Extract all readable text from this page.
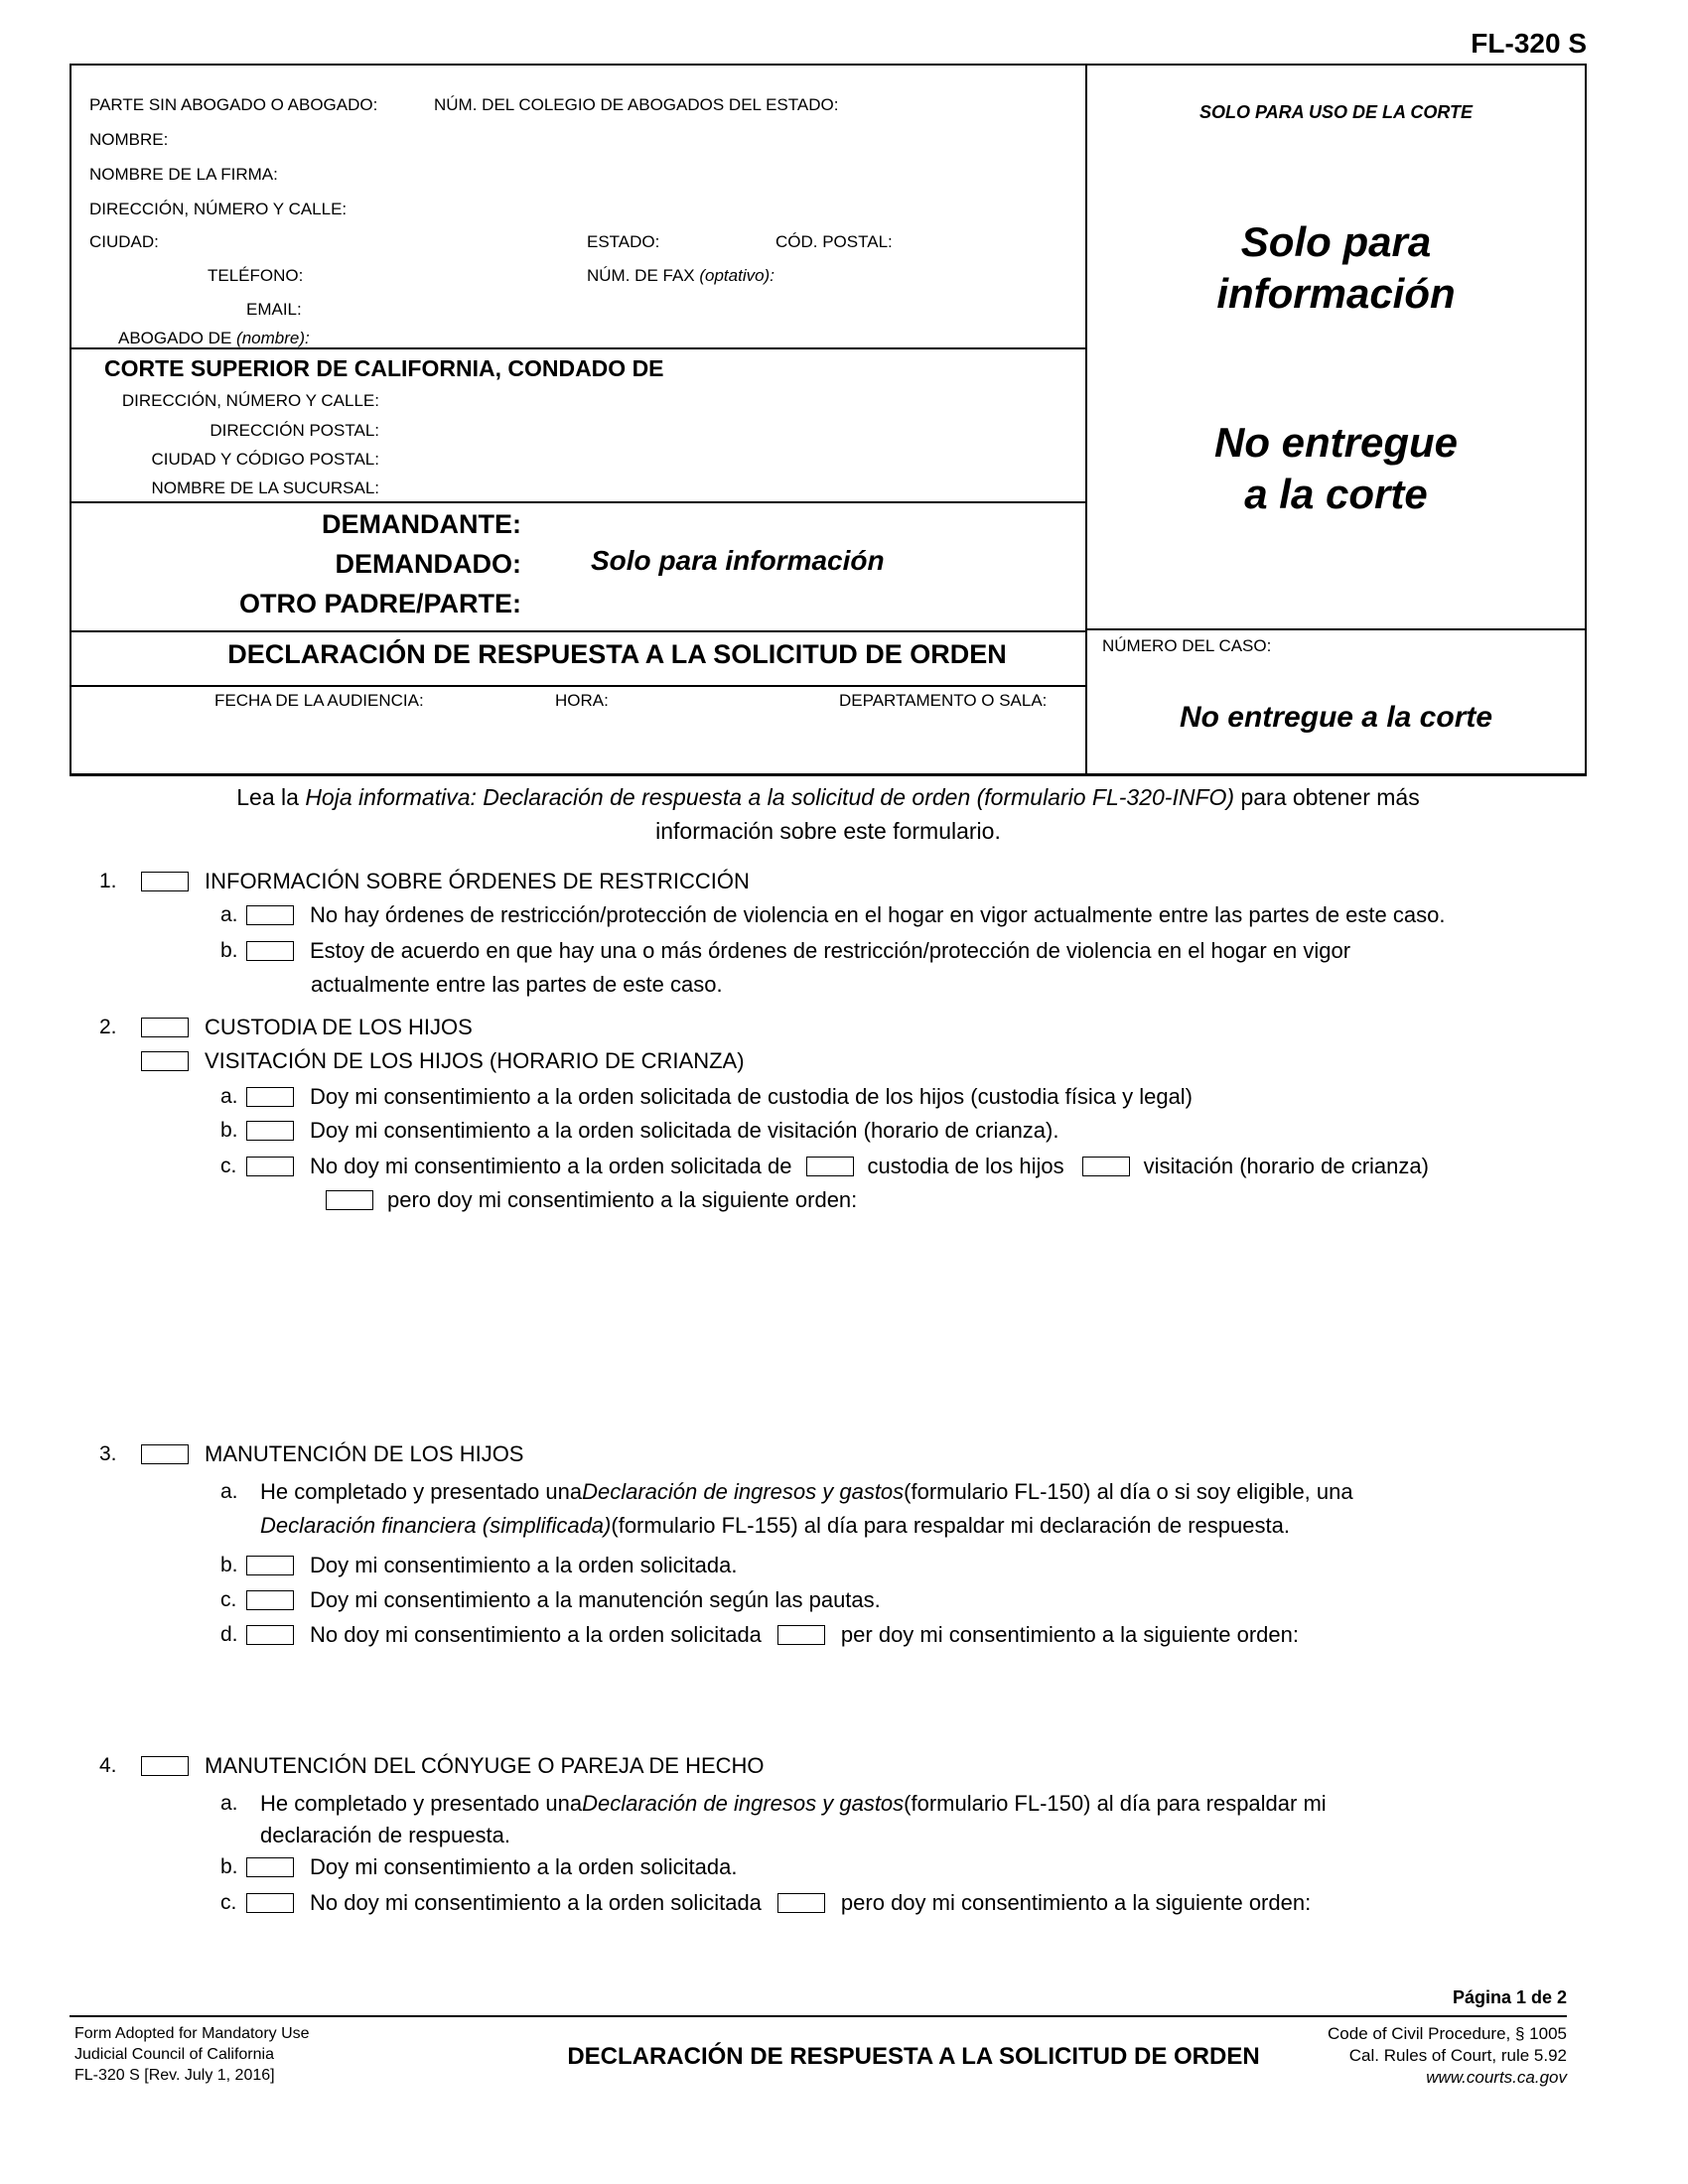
FL-320 S
PARTE SIN ABOGADO O ABOGADO:	NÚM. DEL COLEGIO DE ABOGADOS DEL ESTADO:
NOMBRE:
NOMBRE DE LA FIRMA:
DIRECCIÓN, NÚMERO Y CALLE:
CIUDAD:	ESTADO:	CÓD. POSTAL:
TELÉFONO:	NÚM. DE FAX (optativo):
EMAIL:
ABOGADO DE (nombre):
CORTE SUPERIOR DE CALIFORNIA, CONDADO DE
DIRECCIÓN, NÚMERO Y CALLE:
DIRECCIÓN POSTAL:
CIUDAD Y CÓDIGO POSTAL:
NOMBRE DE LA SUCURSAL:
DEMANDANTE:
DEMANDADO:
OTRO PADRE/PARTE:
Solo para información
DECLARACIÓN DE RESPUESTA A LA SOLICITUD DE ORDEN
FECHA DE LA AUDIENCIA:	HORA:	DEPARTAMENTO O SALA:
SOLO PARA USO DE LA CORTE
Solo para
información
No entregue
a la corte
NÚMERO DEL CASO:
No entregue a la corte
Lea la Hoja informativa: Declaración de respuesta a la solicitud de orden (formulario FL-320-INFO) para obtener más
información sobre este formulario.
1.	INFORMACIÓN SOBRE ÓRDENES DE RESTRICCIÓN
a.	No hay órdenes de restricción/protección de violencia en el hogar en vigor actualmente entre las partes de este caso.
b.	Estoy de acuerdo en que hay una o más órdenes de restricción/protección de violencia en el hogar en vigor
actualmente entre las partes de este caso.
2.	CUSTODIA DE LOS HIJOS
VISITACIÓN DE LOS HIJOS (HORARIO DE CRIANZA)
a.	Doy mi consentimiento a la orden solicitada de custodia de los hijos (custodia física y legal)
b.	Doy mi consentimiento a la orden solicitada de visitación (horario de crianza).
c.	No doy mi consentimiento a la orden solicitada de	custodia de los hijos	visitación (horario de crianza)
pero doy mi consentimiento a la siguiente orden:
3.	MANUTENCIÓN DE LOS HIJOS
a.	He completado y presentado una Declaración de ingresos y gastos (formulario FL-150) al día o si soy eligible, una
Declaración financiera (simplificada) (formulario FL-155) al día para respaldar mi declaración de respuesta.
b.	Doy mi consentimiento a la orden solicitada.
c.	Doy mi consentimiento a la manutención según las pautas.
d.	No doy mi consentimiento a la orden solicitada	per doy mi consentimiento a la siguiente orden:
4.	MANUTENCIÓN DEL CÓNYUGE O PAREJA DE HECHO
a.	He completado y presentado una Declaración de ingresos y gastos (formulario FL-150) al día para respaldar mi
declaración de respuesta.
b.	Doy mi consentimiento a la orden solicitada.
c.	No doy mi consentimiento a la orden solicitada	pero doy mi consentimiento a la siguiente orden:
Página 1 de 2
Form Adopted for Mandatory Use
Judicial Council of California
FL-320 S [Rev. July 1, 2016]
DECLARACIÓN DE RESPUESTA A LA SOLICITUD DE ORDEN
Code of Civil Procedure, § 1005
Cal. Rules of Court, rule 5.92
www.courts.ca.gov
